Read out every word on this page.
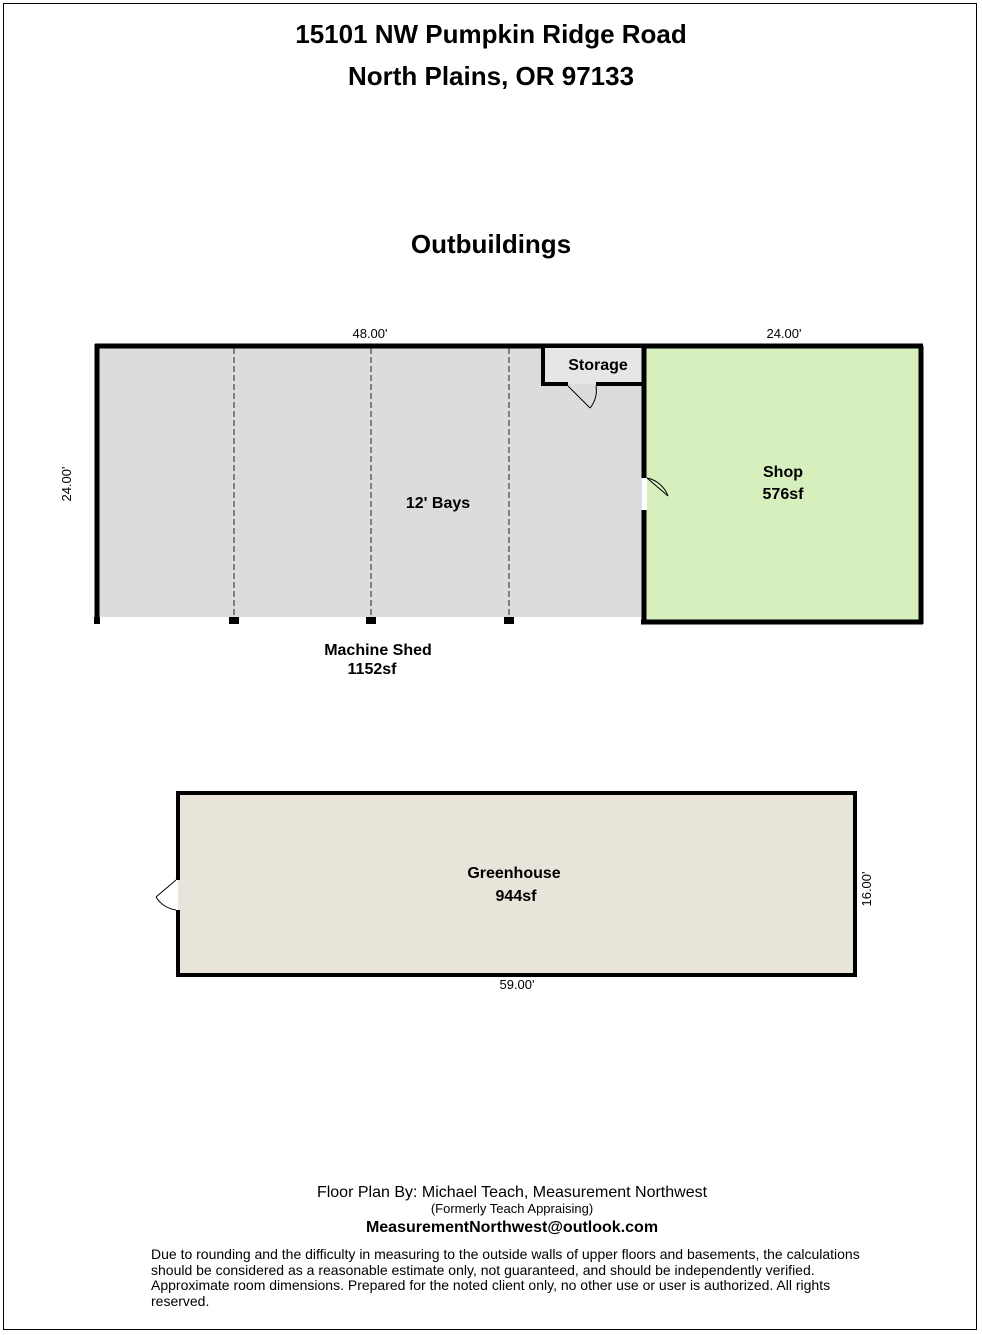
15101 NW Pumpkin Ridge Road
North Plains, OR 97133
Outbuildings
48.00'	24.00'
24.00'
59.00'
16.00'
Storage
12' Bays
Shop
576sf
Machine Shed
1152sf
Greenhouse
944sf
Floor Plan By: Michael Teach, Measurement Northwest
(Formerly Teach Appraising)
MeasurementNorthwest@outlook.com
Due to rounding and the difficulty in measuring to the outside walls of upper floors and basements, the calculations should be considered as a reasonable estimate only, not guaranteed, and should be independently verified. Approximate room dimensions. Prepared for the noted client only, no other use or user is authorized. All rights reserved.
